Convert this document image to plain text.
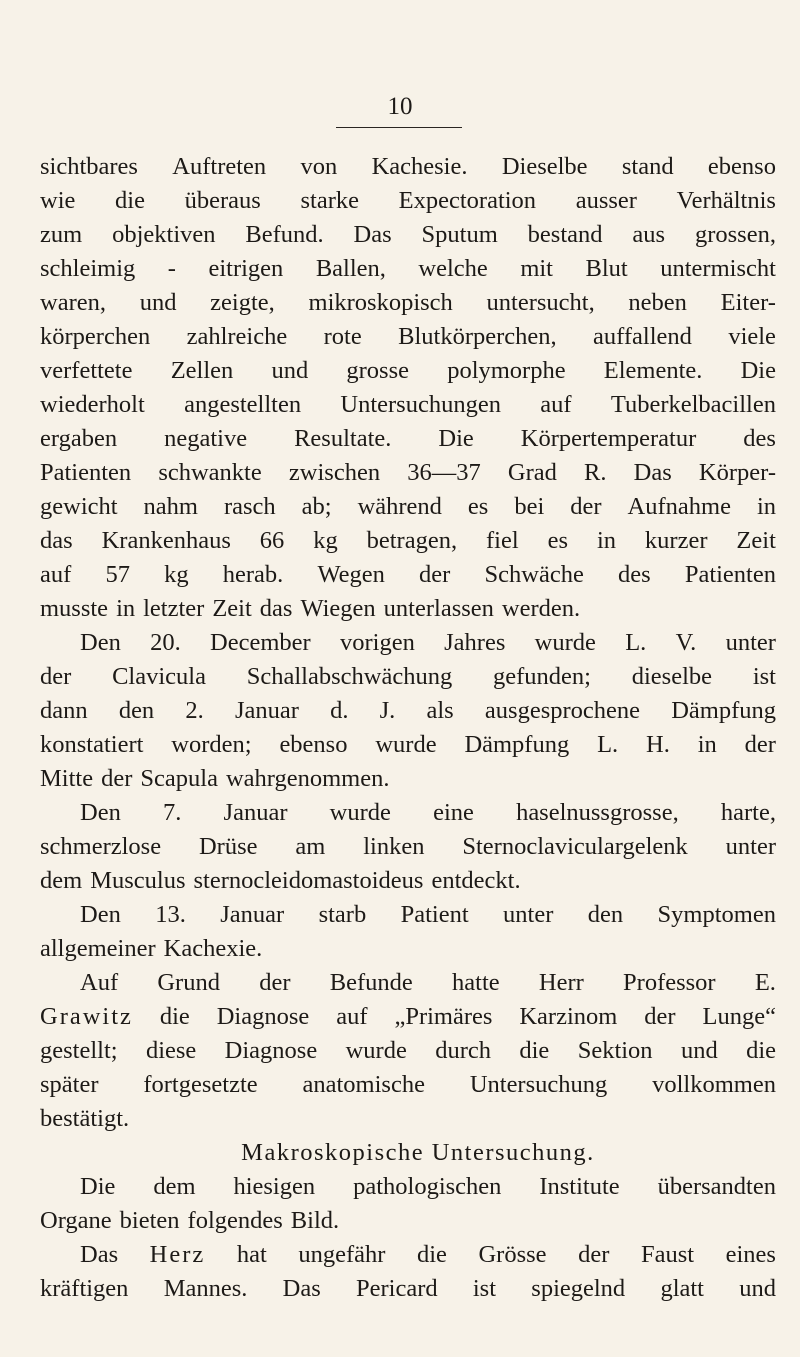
10
sichtbares Auftreten von Kachesie. Dieselbe stand ebenso
wie die überaus starke Expectoration ausser Verhältnis
zum objektiven Befund. Das Sputum bestand aus grossen,
schleimig - eitrigen Ballen, welche mit Blut untermischt
waren, und zeigte, mikroskopisch untersucht, neben Eiter-
körperchen zahlreiche rote Blutkörperchen, auffallend viele
verfettete Zellen und grosse polymorphe Elemente. Die
wiederholt angestellten Untersuchungen auf Tuberkelbacillen
ergaben negative Resultate. Die Körpertemperatur des
Patienten schwankte zwischen 36—37 Grad R. Das Körper-
gewicht nahm rasch ab; während es bei der Aufnahme in
das Krankenhaus 66 kg betragen, fiel es in kurzer Zeit
auf 57 kg herab. Wegen der Schwäche des Patienten
musste in letzter Zeit das Wiegen unterlassen werden.
Den 20. December vorigen Jahres wurde L. V. unter
der Clavicula Schallabschwächung gefunden; dieselbe ist
dann den 2. Januar d. J. als ausgesprochene Dämpfung
konstatiert worden; ebenso wurde Dämpfung L. H. in der
Mitte der Scapula wahrgenommen.
Den 7. Januar wurde eine haselnussgrosse, harte,
schmerzlose Drüse am linken Sternoclaviculargelenk unter
dem Musculus sternocleidomastoideus entdeckt.
Den 13. Januar starb Patient unter den Symptomen
allgemeiner Kachexie.
Auf Grund der Befunde hatte Herr Professor E.
Grawitz die Diagnose auf „Primäres Karzinom der Lunge“
gestellt; diese Diagnose wurde durch die Sektion und die
später fortgesetzte anatomische Untersuchung vollkommen
bestätigt.
Makroskopische Untersuchung.
Die dem hiesigen pathologischen Institute übersandten
Organe bieten folgendes Bild.
Das Herz hat ungefähr die Grösse der Faust eines
kräftigen Mannes. Das Pericard ist spiegelnd glatt und
